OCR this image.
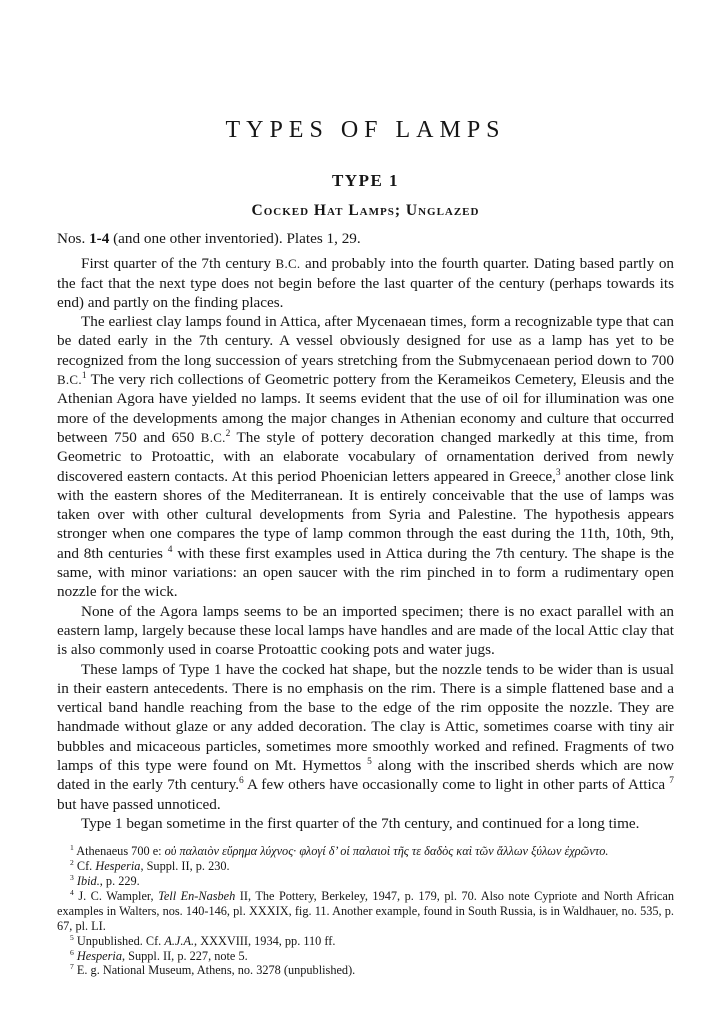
TYPES OF LAMPS
TYPE 1
Cocked Hat Lamps; Unglazed

Nos. 1-4 (and one other inventoried). Plates 1, 29.

First quarter of the 7th century B.C. and probably into the fourth quarter. Dating based partly on the fact that the next type does not begin before the last quarter of the century (perhaps towards its end) and partly on the finding places.

The earliest clay lamps found in Attica, after Mycenaean times, form a recognizable type that can be dated early in the 7th century. A vessel obviously designed for use as a lamp has yet to be recognized from the long succession of years stretching from the Submycenaean period down to 700 B.C.$^1$ The very rich collections of Geometric pottery from the Kerameikos Cemetery, Eleusis and the Athenian Agora have yielded no lamps. It seems evident that the use of oil for illumination was one more of the developments among the major changes in Athenian economy and culture that occurred between 750 and 650 B.C.$^2$ The style of pottery decoration changed markedly at this time, from Geometric to Protoattic, with an elaborate vocabulary of ornamentation derived from newly discovered eastern contacts. At this period Phoenician letters appeared in Greece,$^3$ another close link with the eastern shores of the Mediterranean. It is entirely conceivable that the use of lamps was taken over with other cultural developments from Syria and Palestine. The hypothesis appears stronger when one compares the type of lamp common through the east during the 11th, 10th, 9th, and 8th centuries $^4$ with these first examples used in Attica during the 7th century. The shape is the same, with minor variations: an open saucer with the rim pinched in to form a rudimentary open nozzle for the wick.

None of the Agora lamps seems to be an imported specimen; there is no exact parallel with an eastern lamp, largely because these local lamps have handles and are made of the local Attic clay that is also commonly used in coarse Protoattic cooking pots and water jugs.

These lamps of Type 1 have the cocked hat shape, but the nozzle tends to be wider than is usual in their eastern antecedents. There is no emphasis on the rim. There is a simple flattened base and a vertical band handle reaching from the base to the edge of the rim opposite the nozzle. They are handmade without glaze or any added decoration. The clay is Attic, sometimes coarse with tiny air bubbles and micaceous particles, sometimes more smoothly worked and refined. Fragments of two lamps of this type were found on Mt. Hymettos $^5$ along with the inscribed sherds which are now dated in the early 7th century.$^6$ A few others have occasionally come to light in other parts of Attica $^7$ but have passed unnoticed.

Type 1 began sometime in the first quarter of the 7th century, and continued for a long time.

$^1$ Athenaeus 700 e: οὐ παλαιὸν εὕρημα λύχνος· φλογί δ’ οἱ παλαιοὶ τῆς τε δαδὸς καὶ τῶν ἄλλων ξύλων ἐχρῶντο.

$^2$ Cf. Hesperia, Suppl. II, p. 230.

$^3$ Ibid., p. 229.

$^4$ J. C. Wampler, Tell En-Nasbeh II, The Pottery, Berkeley, 1947, p. 179, pl. 70. Also note Cypriote and North African examples in Walters, nos. 140-146, pl. XXXIX, fig. 11. Another example, found in South Russia, is in Waldhauer, no. 535, p. 67, pl. LI.

$^5$ Unpublished. Cf. A.J.A., XXXVIII, 1934, pp. 110 ff.

$^6$ Hesperia, Suppl. II, p. 227, note 5.

$^7$ E. g. National Museum, Athens, no. 3278 (unpublished).
